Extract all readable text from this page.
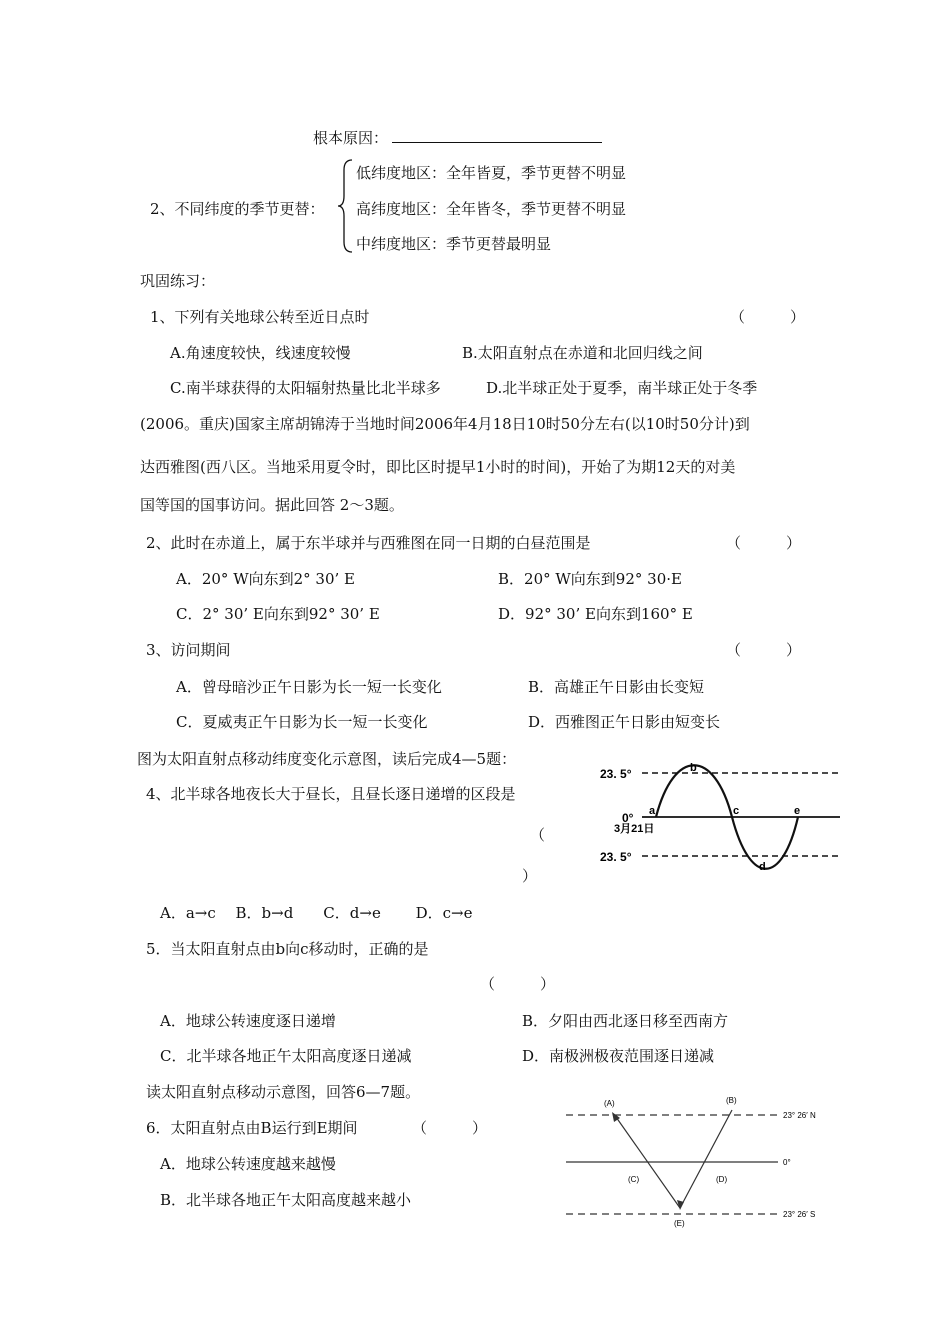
根本原因：
2、不同纬度的季节更替：
低纬度地区：全年皆夏，季节更替不明显
高纬度地区：全年皆冬，季节更替不明显
中纬度地区：季节更替最明显
巩固练习：
1、下列有关地球公转至近日点时	（　　　）
A.角速度较快，线速度较慢	B.太阳直射点在赤道和北回归线之间
C.南半球获得的太阳辐射热量比北半球多	D.北半球正处于夏季，南半球正处于冬季
(2006。重庆)国家主席胡锦涛于当地时间2006年4月18日10时50分左右(以10时50分计)到
达西雅图(西八区。当地采用夏令时，即比区时提早1小时的时间)，开始了为期12天的对美
国等国的国事访问。据此回答 2～3题。
2、此时在赤道上，属于东半球并与西雅图在同一日期的白昼范围是	（　　　）
A．20° W向东到2° 30’ E	B．20° W向东到92° 30·E
C．2° 30’ E向东到92° 30’ E	D．92° 30’ E向东到160° E
3、访问期间	（　　　）
A．曾母暗沙正午日影为长一短一长变化	B．高雄正午日影由长变短
C．夏威夷正午日影为长一短一长变化	D．西雅图正午日影由短变长
图为太阳直射点移动纬度变化示意图，读后完成4—5题：
23. 5°
0°
23. 5°
3月21日
a
b
c
d
e
4、北半球各地夜长大于昼长，且昼长逐日递增的区段是
（
）
A．a→c　 B．b→d　　C．d→e　　 D．c→e
5．当太阳直射点由b向c移动时，正确的是
（　　　）
A．地球公转速度逐日递增	B．夕阳由西北逐日移至西南方
C．北半球各地正午太阳高度逐日递减	D．南极洲极夜范围逐日递减
读太阳直射点移动示意图，回答6—7题。
(A)	(B)
(C)	(D)
(E)
23° 26′ N
0°
23° 26′ S
6．太阳直射点由B运行到E期间	（　　　）
A．地球公转速度越来越慢
B．北半球各地正午太阳高度越来越小
